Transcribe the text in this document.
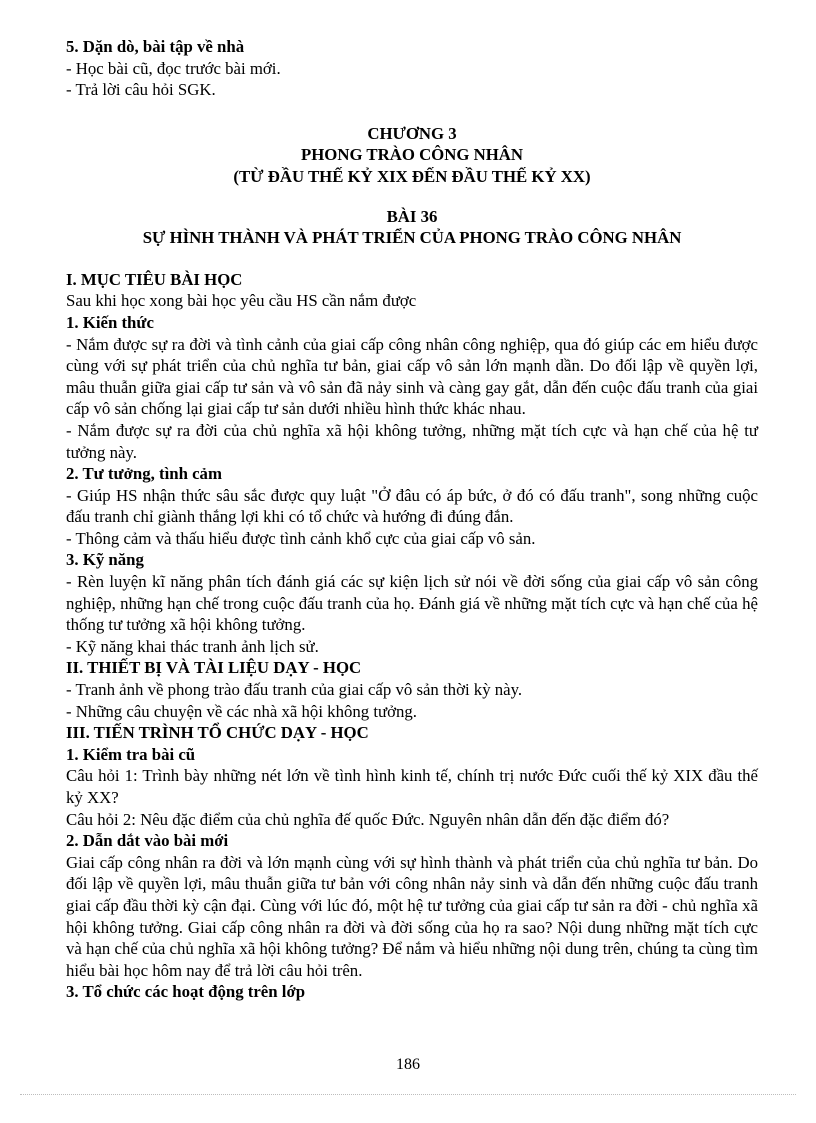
5. Dặn dò, bài tập về nhà

- Học bài cũ, đọc trước bài mới.

- Trả lời câu hỏi SGK.

CHƯƠNG 3

PHONG TRÀO CÔNG NHÂN

(TỪ ĐẦU THẾ KỶ XIX ĐẾN ĐẦU THẾ KỶ XX)

BÀI 36

SỰ HÌNH THÀNH VÀ PHÁT TRIỂN CỦA PHONG TRÀO CÔNG NHÂN

I. MỤC TIÊU BÀI HỌC

Sau khi học xong bài học yêu cầu HS cần nắm được

1. Kiến thức

- Nắm được sự ra đời và tình cảnh của giai cấp công nhân công nghiệp, qua đó giúp các em hiểu được cùng với sự phát triển của chủ nghĩa tư bản, giai cấp vô sản lớn mạnh dần. Do đối lập về quyền lợi, mâu thuẫn giữa giai cấp tư sản và vô sản đã nảy sinh và càng gay gắt, dẫn đến cuộc đấu tranh của giai cấp vô sản chống lại giai cấp tư sản dưới nhiều hình thức khác nhau.

- Nắm được sự ra đời của chủ nghĩa xã hội không tưởng, những mặt tích cực và hạn chế của hệ tư tưởng này.

2. Tư tưởng, tình cảm

- Giúp HS nhận thức sâu sắc được quy luật "Ở đâu có áp bức, ở đó có đấu tranh", song những cuộc đấu tranh chỉ giành thắng lợi khi có tổ chức và hướng đi đúng đắn.

- Thông cảm và thấu hiểu được tình cảnh khổ cực của giai cấp vô sản.

3. Kỹ năng

- Rèn luyện kĩ năng phân tích đánh giá các sự kiện lịch sử nói về đời sống của giai cấp vô sản công nghiệp, những hạn chế trong cuộc đấu tranh của họ. Đánh giá về những mặt tích cực và hạn chế của hệ thống tư tưởng xã hội không tưởng.

- Kỹ năng khai thác tranh ảnh lịch sử.

II. THIẾT BỊ VÀ TÀI LIỆU DẠY - HỌC

- Tranh ảnh về phong trào đấu tranh của giai cấp vô sản thời kỳ này.

- Những câu chuyện về các nhà xã hội không tưởng.

III. TIẾN TRÌNH TỔ CHỨC DẠY - HỌC

1. Kiểm tra bài cũ

Câu hỏi 1: Trình bày những nét lớn về tình hình kinh tế, chính trị nước Đức cuối thế kỷ XIX đầu thế kỷ XX?

Câu hỏi 2: Nêu đặc điểm của chủ nghĩa đế quốc Đức. Nguyên nhân dẫn đến đặc điểm đó?

2. Dẫn dắt vào bài mới

Giai cấp công nhân ra đời và lớn mạnh cùng với sự hình thành và phát triển của chủ nghĩa tư bản. Do đối lập về quyền lợi, mâu thuẫn giữa tư bản với công nhân nảy sinh và dẫn đến những cuộc đấu tranh giai cấp đầu thời kỳ cận đại. Cùng với lúc đó, một hệ tư tưởng của giai cấp tư sản ra đời - chủ nghĩa xã hội không tưởng. Giai cấp công nhân ra đời và đời sống của họ ra sao? Nội dung những mặt tích cực và hạn chế của chủ nghĩa xã hội không tưởng? Để nắm và hiểu những nội dung trên, chúng ta cùng tìm hiểu bài học hôm nay để trả lời câu hỏi trên.

3. Tổ chức các hoạt động trên lớp

186
